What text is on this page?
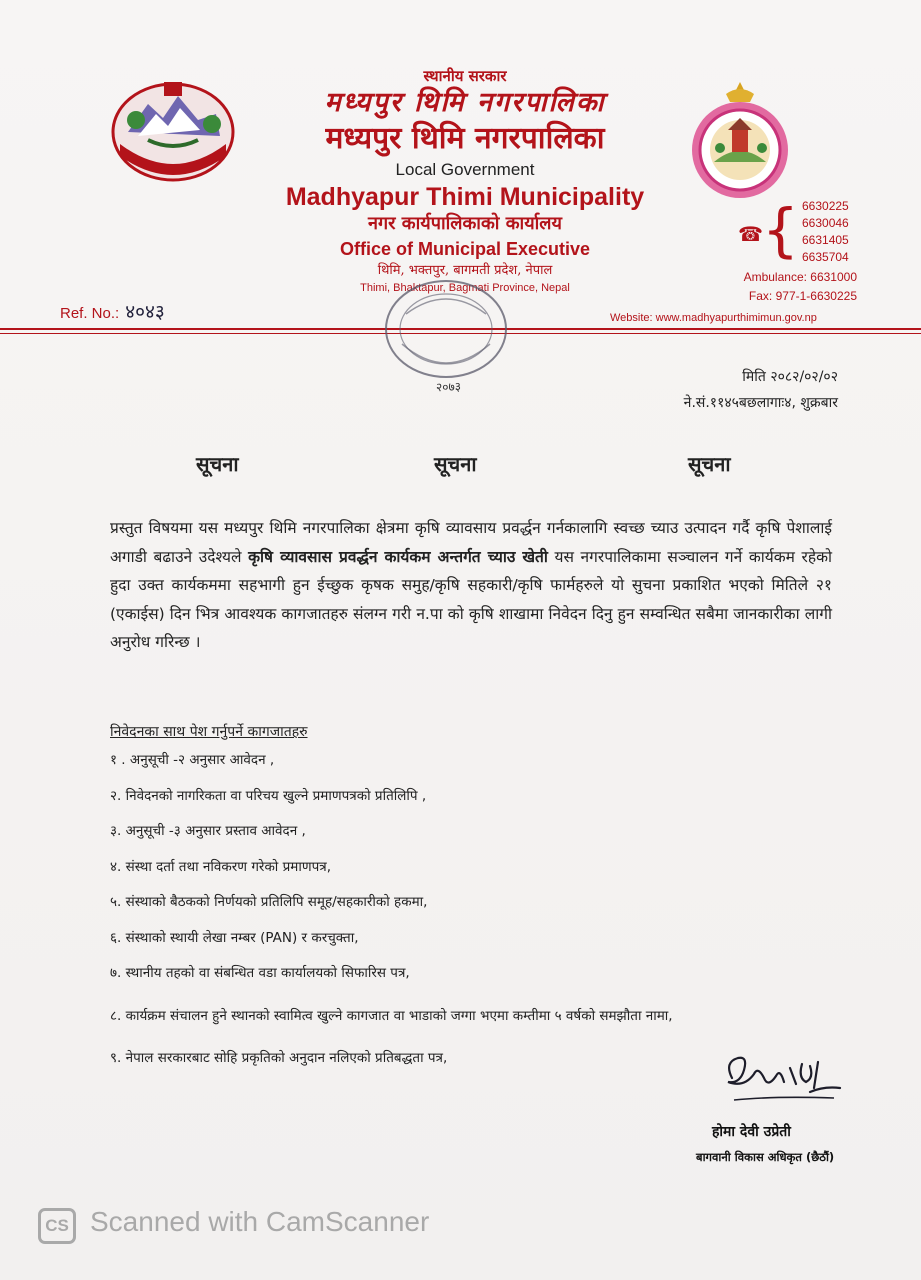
स्थानीय सरकार
मध्यपुर थिमि नगरपालिका
मध्यपुर थिमि नगरपालिका
Local Government
Madhyapur Thimi Municipality
नगर कार्यपालिकाको कार्यालय
Office of Municipal Executive
थिमि, भक्तपुर, बागमती प्रदेश, नेपाल
Thimi, Bhaktapur, Bagmati Province, Nepal
☎ { 6630225
6630046
6631405
6635704
Ambulance: 6631000
Fax: 977-1-6630225
Website: www.madhyapurthimimun.gov.np
Ref. No.: ४०४३
२०७३
मिति २०८२/०२/०२
ने.सं.११४५बछलागाः४, शुक्रबार
सूचना	सूचना	सूचना

प्रस्तुत विषयमा यस मध्यपुर थिमि नगरपालिका क्षेत्रमा कृषि व्यावसाय प्रवर्द्धन गर्नकालागि स्वच्छ च्याउ उत्पादन गर्दै कृषि पेशालाई अगाडी बढाउने उदेश्यले कृषि व्यावसास प्रवर्द्धन कार्यकम अन्तर्गत च्याउ खेती यस नगरपालिकामा सञ्चालन गर्ने कार्यकम रहेको हुदा उक्त कार्यकममा सहभागी हुन ईच्छुक कृषक समुह/कृषि सहकारी/कृषि फार्महरुले यो सुचना प्रकाशित भएको मितिले २१ (एकाईस) दिन भित्र आवश्यक कागजातहरु संलग्न गरी न.पा को कृषि शाखामा निवेदन दिनु हुन सम्वन्धित सबैमा जानकारीका लागी अनुरोध गरिन्छ ।

निवेदनका साथ पेश गर्नुपर्ने कागजातहरु
१ . अनुसूची -२ अनुसार आवेदन ,
२. निवेदनको नागरिकता वा परिचय खुल्ने प्रमाणपत्रको प्रतिलिपि ,
३. अनुसूची -३ अनुसार प्रस्ताव आवेदन ,
४. संस्था दर्ता तथा नविकरण गरेको प्रमाणपत्र,
५. संस्थाको बैठकको निर्णयको प्रतिलिपि समूह/सहकारीको हकमा,
६. संस्थाको स्थायी लेखा नम्बर (PAN) र करचुक्ता,
७. स्थानीय तहको वा संबन्धित वडा कार्यालयको सिफारिस पत्र,
८. कार्यक्रम संचालन हुने स्थानको स्वामित्व खुल्ने कागजात वा भाडाको जग्गा भएमा कम्तीमा ५ वर्षको समझौता नामा,
९. नेपाल सरकारबाट सोहि प्रकृतिको अनुदान नलिएको प्रतिबद्धता पत्र,
होमा देवी उप्रेती
बागवानी विकास अधिकृत (छैठौं)
CS Scanned with CamScanner
